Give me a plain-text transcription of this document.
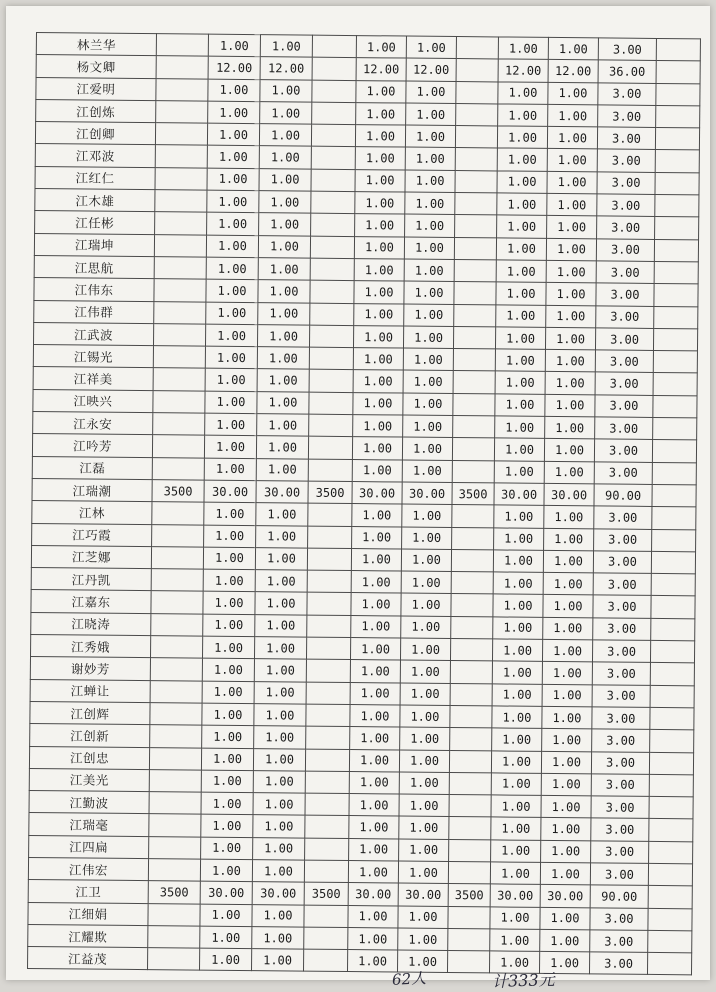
林兰华		1.00	1.00		1.00	1.00		1.00	1.00	3.00	
杨文卿		12.00	12.00		12.00	12.00		12.00	12.00	36.00	
江爱明		1.00	1.00		1.00	1.00		1.00	1.00	3.00	
江创炼		1.00	1.00		1.00	1.00		1.00	1.00	3.00	
江创卿		1.00	1.00		1.00	1.00		1.00	1.00	3.00	
江邓波		1.00	1.00		1.00	1.00		1.00	1.00	3.00	
江红仁		1.00	1.00		1.00	1.00		1.00	1.00	3.00	
江木雄		1.00	1.00		1.00	1.00		1.00	1.00	3.00	
江任彬		1.00	1.00		1.00	1.00		1.00	1.00	3.00	
江瑞坤		1.00	1.00		1.00	1.00		1.00	1.00	3.00	
江思航		1.00	1.00		1.00	1.00		1.00	1.00	3.00	
江伟东		1.00	1.00		1.00	1.00		1.00	1.00	3.00	
江伟群		1.00	1.00		1.00	1.00		1.00	1.00	3.00	
江武波		1.00	1.00		1.00	1.00		1.00	1.00	3.00	
江锡光		1.00	1.00		1.00	1.00		1.00	1.00	3.00	
江祥美		1.00	1.00		1.00	1.00		1.00	1.00	3.00	
江映兴		1.00	1.00		1.00	1.00		1.00	1.00	3.00	
江永安		1.00	1.00		1.00	1.00		1.00	1.00	3.00	
江吟芳		1.00	1.00		1.00	1.00		1.00	1.00	3.00	
江磊		1.00	1.00		1.00	1.00		1.00	1.00	3.00	
江瑞潮	3500	30.00	30.00	3500	30.00	30.00	3500	30.00	30.00	90.00	
江林		1.00	1.00		1.00	1.00		1.00	1.00	3.00	
江巧霞		1.00	1.00		1.00	1.00		1.00	1.00	3.00	
江芝娜		1.00	1.00		1.00	1.00		1.00	1.00	3.00	
江丹凯		1.00	1.00		1.00	1.00		1.00	1.00	3.00	
江嘉东		1.00	1.00		1.00	1.00		1.00	1.00	3.00	
江晓涛		1.00	1.00		1.00	1.00		1.00	1.00	3.00	
江秀娥		1.00	1.00		1.00	1.00		1.00	1.00	3.00	
谢妙芳		1.00	1.00		1.00	1.00		1.00	1.00	3.00	
江蝉让		1.00	1.00		1.00	1.00		1.00	1.00	3.00	
江创辉		1.00	1.00		1.00	1.00		1.00	1.00	3.00	
江创新		1.00	1.00		1.00	1.00		1.00	1.00	3.00	
江创忠		1.00	1.00		1.00	1.00		1.00	1.00	3.00	
江美光		1.00	1.00		1.00	1.00		1.00	1.00	3.00	
江勤波		1.00	1.00		1.00	1.00		1.00	1.00	3.00	
江瑞毫		1.00	1.00		1.00	1.00		1.00	1.00	3.00	
江四扁		1.00	1.00		1.00	1.00		1.00	1.00	3.00	
江伟宏		1.00	1.00		1.00	1.00		1.00	1.00	3.00	
江卫	3500	30.00	30.00	3500	30.00	30.00	3500	30.00	30.00	90.00	
江细娟		1.00	1.00		1.00	1.00		1.00	1.00	3.00	
江耀欺		1.00	1.00		1.00	1.00		1.00	1.00	3.00	
江益茂		1.00	1.00		1.00	1.00		1.00	1.00	3.00	
62人	计333元
